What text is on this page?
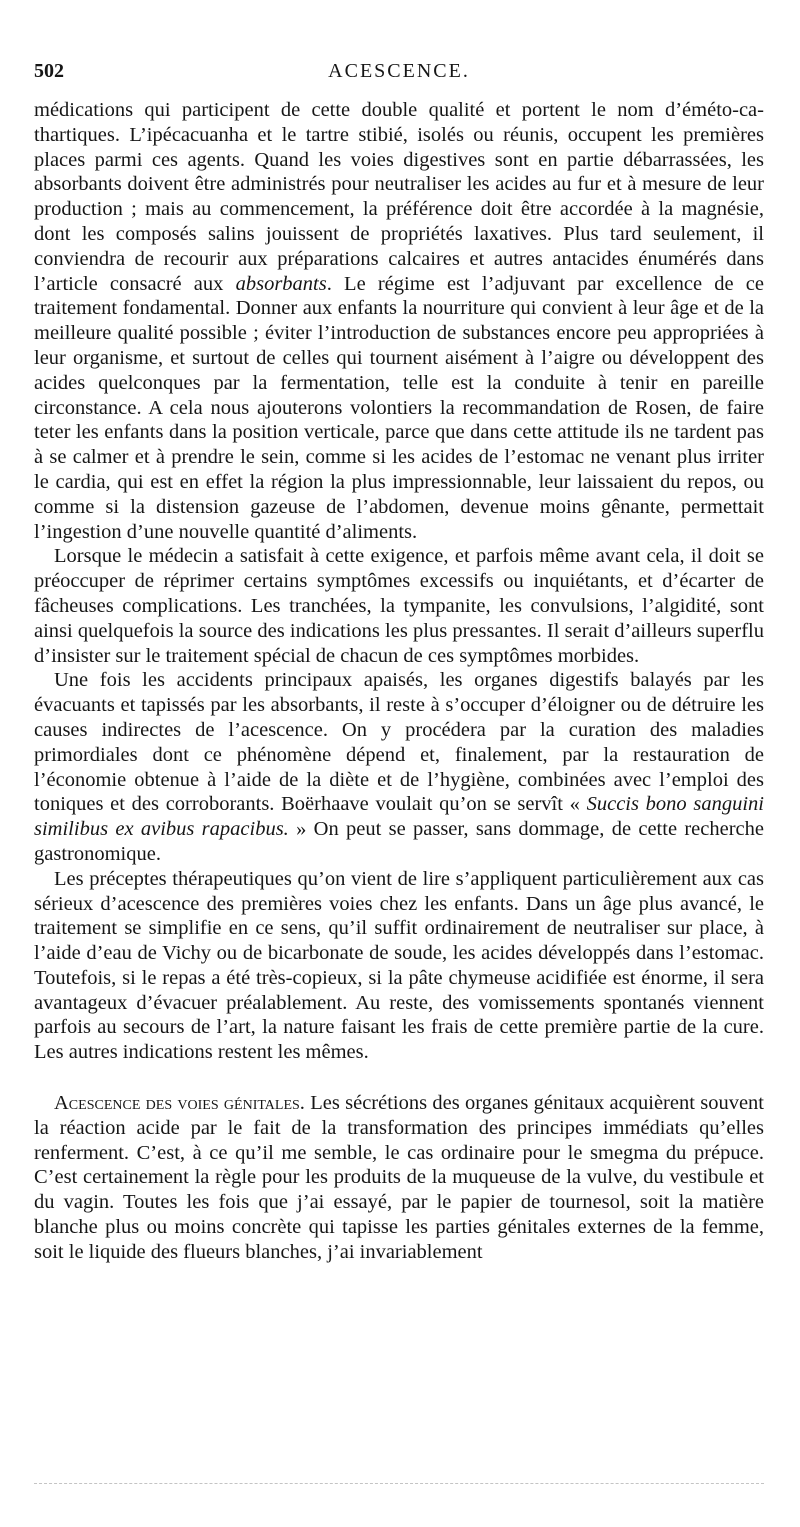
502	ACESCENCE.

médications qui participent de cette double qualité et portent le nom d’éméto-cathartiques. L’ipécacuanha et le tartre stibié, isolés ou réunis, occupent les premières places parmi ces agents. Quand les voies digestives sont en partie débarrassées, les absorbants doivent être administrés pour neutraliser les acides au fur et à mesure de leur production ; mais au commencement, la préférence doit être accordée à la magnésie, dont les composés salins jouissent de propriétés laxatives. Plus tard seulement, il conviendra de recourir aux préparations calcaires et autres antacides énumérés dans l’article consacré aux absorbants. Le régime est l’adjuvant par excellence de ce traitement fondamental. Donner aux enfants la nourriture qui convient à leur âge et de la meilleure qualité possible ; éviter l’introduction de substances encore peu appropriées à leur organisme, et surtout de celles qui tournent aisément à l’aigre ou développent des acides quelconques par la fermentation, telle est la conduite à tenir en pareille circonstance. A cela nous ajouterons volontiers la recommandation de Rosen, de faire teter les enfants dans la position verticale, parce que dans cette attitude ils ne tardent pas à se calmer et à prendre le sein, comme si les acides de l’estomac ne venant plus irriter le cardia, qui est en effet la région la plus impressionnable, leur laissaient du repos, ou comme si la distension gazeuse de l’abdomen, devenue moins gênante, permettait l’ingestion d’une nouvelle quantité d’aliments.

Lorsque le médecin a satisfait à cette exigence, et parfois même avant cela, il doit se préoccuper de réprimer certains symptômes excessifs ou inquiétants, et d’écarter de fâcheuses complications. Les tranchées, la tympanite, les convulsions, l’algidité, sont ainsi quelquefois la source des indications les plus pressantes. Il serait d’ailleurs superflu d’insister sur le traitement spécial de chacun de ces symptômes morbides.

Une fois les accidents principaux apaisés, les organes digestifs balayés par les évacuants et tapissés par les absorbants, il reste à s’occuper d’éloigner ou de détruire les causes indirectes de l’acescence. On y procédera par la curation des maladies primordiales dont ce phénomène dépend et, finalement, par la restauration de l’économie obtenue à l’aide de la diète et de l’hygiène, combinées avec l’emploi des toniques et des corroborants. Boërhaave voulait qu’on se servît « Succis bono sanguini similibus ex avibus rapacibus. » On peut se passer, sans dommage, de cette recherche gastronomique.

Les préceptes thérapeutiques qu’on vient de lire s’appliquent particulièrement aux cas sérieux d’acescence des premières voies chez les enfants. Dans un âge plus avancé, le traitement se simplifie en ce sens, qu’il suffit ordinairement de neutraliser sur place, à l’aide d’eau de Vichy ou de bicarbonate de soude, les acides développés dans l’estomac. Toutefois, si le repas a été très-copieux, si la pâte chymeuse acidifiée est énorme, il sera avantageux d’évacuer préalablement. Au reste, des vomissements spontanés viennent parfois au secours de l’art, la nature faisant les frais de cette première partie de la cure. Les autres indications restent les mêmes.

Acescence des voies génitales. Les sécrétions des organes génitaux acquièrent souvent la réaction acide par le fait de la transformation des principes immédiats qu’elles renferment. C’est, à ce qu’il me semble, le cas ordinaire pour le smegma du prépuce. C’est certainement la règle pour les produits de la muqueuse de la vulve, du vestibule et du vagin. Toutes les fois que j’ai essayé, par le papier de tournesol, soit la matière blanche plus ou moins concrète qui tapisse les parties génitales externes de la femme, soit le liquide des flueurs blanches, j’ai invariablement
